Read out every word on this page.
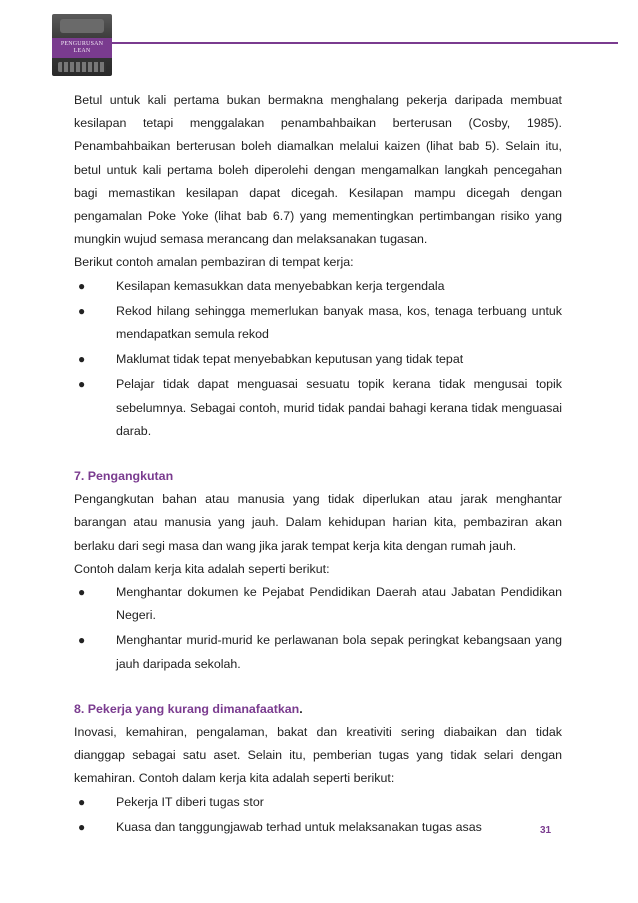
PENGURUSAN
LEAN

Betul untuk kali pertama bukan bermakna menghalang pekerja daripada membuat kesilapan tetapi menggalakan penambahbaikan berterusan (Cosby, 1985). Penambahbaikan berterusan boleh diamalkan melalui kaizen (lihat bab 5). Selain itu, betul untuk kali pertama boleh diperolehi dengan mengamalkan langkah pencegahan bagi memastikan kesilapan dapat dicegah. Kesilapan mampu dicegah dengan pengamalan Poke Yoke (lihat bab 6.7) yang mementingkan pertimbangan risiko yang mungkin wujud semasa merancang dan melaksanakan tugasan.

Berikut contoh amalan pembaziran di tempat kerja:

● Kesilapan kemasukkan data menyebabkan kerja tergendala
● Rekod hilang sehingga memerlukan banyak masa, kos, tenaga terbuang untuk mendapatkan semula rekod
● Maklumat tidak tepat menyebabkan keputusan yang tidak tepat
● Pelajar tidak dapat menguasai sesuatu topik kerana tidak mengusai topik sebelumnya. Sebagai contoh, murid tidak pandai bahagi kerana tidak menguasai darab.

7. Pengangkutan

Pengangkutan bahan atau manusia yang tidak diperlukan atau jarak menghantar barangan atau manusia yang jauh. Dalam kehidupan harian kita, pembaziran akan berlaku dari segi masa dan wang jika jarak tempat kerja kita dengan rumah jauh.

Contoh dalam kerja kita adalah seperti berikut:

● Menghantar dokumen ke Pejabat Pendidikan Daerah atau Jabatan Pendidikan Negeri.
● Menghantar murid-murid ke perlawanan bola sepak peringkat kebangsaan yang jauh daripada sekolah.

8. Pekerja yang kurang dimanafaatkan.

Inovasi, kemahiran, pengalaman, bakat dan kreativiti sering diabaikan dan tidak dianggap sebagai satu aset. Selain itu, pemberian tugas yang tidak selari dengan kemahiran. Contoh dalam kerja kita adalah seperti berikut:

● Pekerja IT diberi tugas stor
● Kuasa dan tanggungjawab terhad untuk melaksanakan tugas asas	31
